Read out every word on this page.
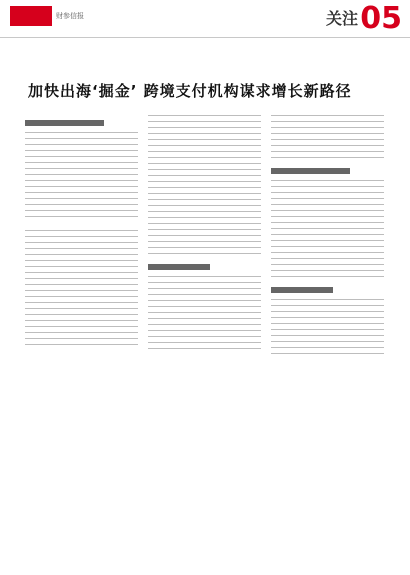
财参信报	关注 05
加快出海‘掘金’ 跨境支付机构谋求增长新路径
